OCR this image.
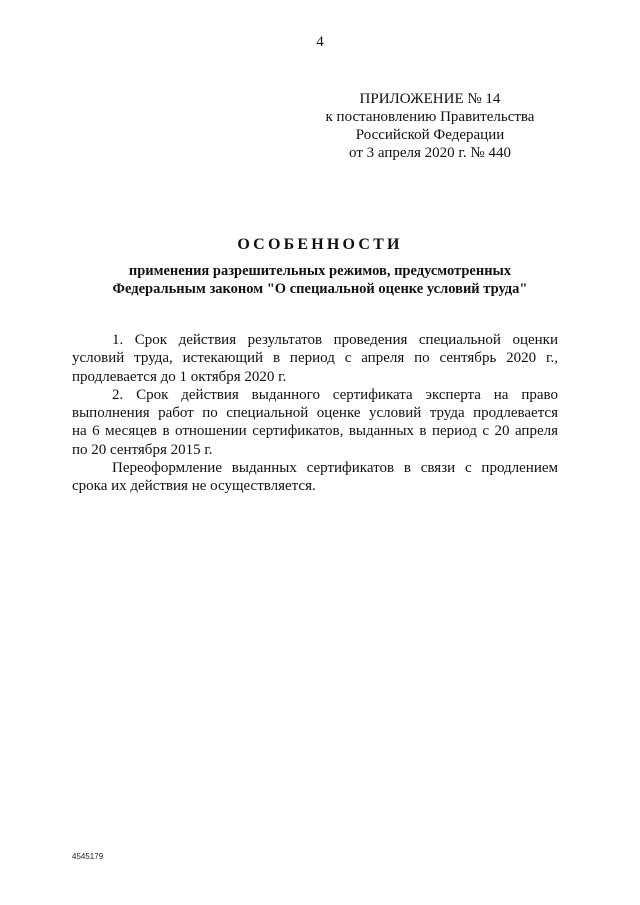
4
ПРИЛОЖЕНИЕ № 14
к постановлению Правительства
Российской Федерации
от 3 апреля 2020 г. № 440
ОСОБЕННОСТИ
применения разрешительных режимов, предусмотренных
Федеральным законом "О специальной оценке условий труда"
1. Срок действия результатов проведения специальной оценки
условий труда, истекающий в период с апреля по сентябрь 2020 г.,
продлевается до 1 октября 2020 г.
2. Срок действия выданного сертификата эксперта на право
выполнения работ по специальной оценке условий труда продлевается
на 6 месяцев в отношении сертификатов, выданных в период с 20 апреля
по 20 сентября 2015 г.
Переоформление выданных сертификатов в связи с продлением
срока их действия не осуществляется.
4545179
